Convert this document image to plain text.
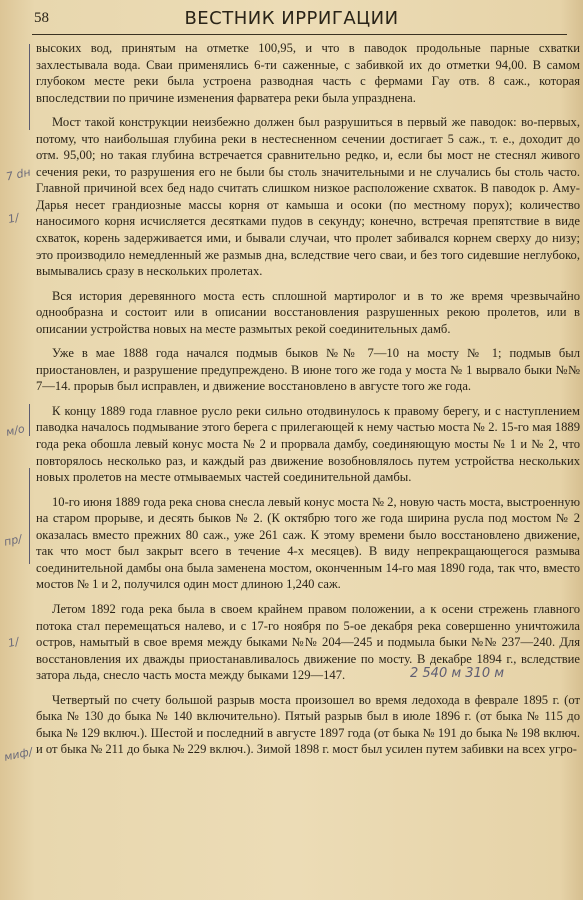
58	ВЕСТНИК ИРРИГАЦИИ
7 dн
1/
м/о
пр/
1/
миф/
2 540 м 310 м

высоких вод, принятым на отметке 100,95, и что в паводок продольные парные схватки захлестывала вода. Сваи применялись 6-ти саженные, с забивкой их до отметки 94,00. В самом глубоком месте реки была устроена разводная часть с фермами Гау отв. 8 саж., которая впоследствии по причине изменения фарватера реки была упразднена.

Мост такой конструкции неизбежно должен был разрушиться в первый же паводок: во-первых, потому, что наибольшая глубина реки в нестесненном сечении достигает 5 саж., т. е., доходит до отм. 95,00; но такая глубина встречается сравнительно редко, и, если бы мост не стеснял живого сечения реки, то разрушения его не были бы столь значительными и не случались бы столь часто. Главной причиной всех бед надо считать слишком низкое расположение схваток. В паводок р. Аму-Дарья несет грандиозные массы корня от камыша и осоки (по местному поруx); количество наносимого корня исчисляется десятками пудов в секунду; конечно, встречая препятствие в виде схваток, корень задерживается ими, и бывали случаи, что пролет забивался корнем сверху до низу; это производило немедленный же размыв дна, вследствие чего сваи, и без того сидевшие неглубоко, вымывались сразу в нескольких пролетах.

Вся история деревянного моста есть сплошной мартиролог и в то же время чрезвычайно однообразна и состоит или в описании восстановления разрушенных рекою пролетов, или в описании устройства новых на месте размытых рекой соединительных дамб.

Уже в мае 1888 года начался подмыв быков №№ 7—10 на мосту № 1; подмыв был приостановлен, и разрушение предупреждено. В июне того же года у моста № 1 вырвало быки №№ 7—14. прорыв был исправлен, и движение восстановлено в августе того же года.

К концу 1889 года главное русло реки сильно отодвинулось к правому берегу, и с наступлением паводка началось подмывание этого берега с прилегающей к нему частью моста № 2. 15-го мая 1889 года река обошла левый конус моста № 2 и прорвала дамбу, соединяющую мосты № 1 и № 2, что повторялось несколько раз, и каждый раз движение возобновлялось путем устройства нескольких новых пролетов на месте отмываемых частей соединительной дамбы.

10-го июня 1889 года река снова снесла левый конус моста № 2, новую часть моста, выстроенную на старом прорыве, и десять быков № 2. (К октябрю того же года ширина русла под мостом № 2 оказалась вместо прежних 80 саж., уже 261 саж. К этому времени было восстановлено движение, так что мост был закрыт всего в течение 4-х месяцев). В виду непрекращающегося размыва соединительной дамбы она была заменена мостом, оконченным 14-го мая 1890 года, так что, вместо мостов № 1 и 2, получился один мост длиною 1,240 саж.

Летом 1892 года река была в своем крайнем правом положении, а к осени стрежень главного потока стал перемещаться налево, и с 17-го ноября по 5-ое декабря река совершенно уничтожила остров, намытый в свое время между быками №№ 204—245 и подмыла быки №№ 237—240. Для восстановления их дважды приостанавливалось движение по мосту. В декабре 1894 г., вследствие затора льда, снесло часть моста между быками 129—147.

Четвертый по счету большой разрыв моста произошел во время ледохода в феврале 1895 г. (от быка № 130 до быка № 140 включительно). Пятый разрыв был в июле 1896 г. (от быка № 115 до быка № 129 включ.). Шестой и последний в августе 1897 года (от быка № 191 до быка № 198 включ. и от быка № 211 до быка № 229 включ.). Зимой 1898 г. мост был усилен путем забивки на всех угро-
